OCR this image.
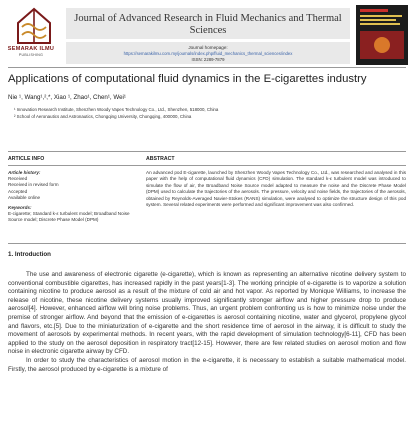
SEMARAK ILMU
PUBLISHING
Journal of Advanced Research in Fluid Mechanics and Thermal Sciences
Journal homepage:
https://semarakilmu.com.my/journals/index.php/fluid_mechanics_thermal_sciences/index
ISSN: 2289-7879
Applications of computational fluid dynamics in the E-cigarettes industry
Nie ¹, Wang¹,²,*, Xiao ¹, Zhao¹, Chen¹, Wei¹
¹ Innovation Research Institute, Shenzhen Woody Vapes Technology Co., Ltd., Shenzhen, 518000, China
² School of Aeronautics and Astronautics, Chongqing University, Chongqing, 400000, China
ARTICLE INFO	ABSTRACT
Article history:
Received
Received in revised form
Accepted
Available online
Keywords:
E-cigarette; Standard k-ε turbulent model; Broadband Noise Source model; Discrete Phase Model (DPM)
An advanced pod E-cigarette, launched by Shenzhen Woody Vapes Technology Co., Ltd., was researched and analysed in this paper with the help of computational fluid dynamics (CFD) simulation. The standard k-ε turbulent model was introduced to simulate the flow of air, the Broadband Noise Source model adapted to measure the noise and the Discrete Phase Model (DPM) used to calculate the trajectories of the aerosols. The pressure, velocity and noise fields, the trajectories of the aerosols, obtained by Reynolds-Averaged Navier-Stokes (RANS) simulation, were analysed to optimize the structure design of this pod system. Several related experiments were performed and significant improvement was also confirmed.
1. Introduction

The use and awareness of electronic cigarette (e-cigarette), which is known as representing an alternative nicotine delivery system to conventional combustible cigarettes, has increased rapidly in the past years[1-3]. The working principle of e-cigarette is to vaporize a solution containing nicotine to produce aerosol as a result of the mixture of cold air and hot vapor. As reported by Monique Williams, to increase the release of nicotine, these nicotine delivery systems usually improved significantly stronger airflow and higher pressure drop to produce aerosol[4]. However, enhanced airflow will bring noise problems. Thus, an urgent problem confronting us is how to minimize noise under the premise of stronger airflow. And beyond that the emission of e-cigarettes is aerosol containing nicotine, water and glycerol, propylene glycol and flavors, etc.[5]. Due to the miniaturization of e-cigarette and the short residence time of aerosol in the airway, it is difficult to study the movement of aerosols by experimental methods. In recent years, with the rapid development of simulation technology[6-11], CFD has been applied to the study on the aerosol deposition in respiratory tract[12-15]. However, there are few related studies on aerosol motion and flow noise in electronic cigarette airway by CFD.

In order to study the characteristics of aerosol motion in the e-cigarette, it is necessary to establish a suitable mathematical model. Firstly, the aerosol produced by e-cigarette is a mixture of
